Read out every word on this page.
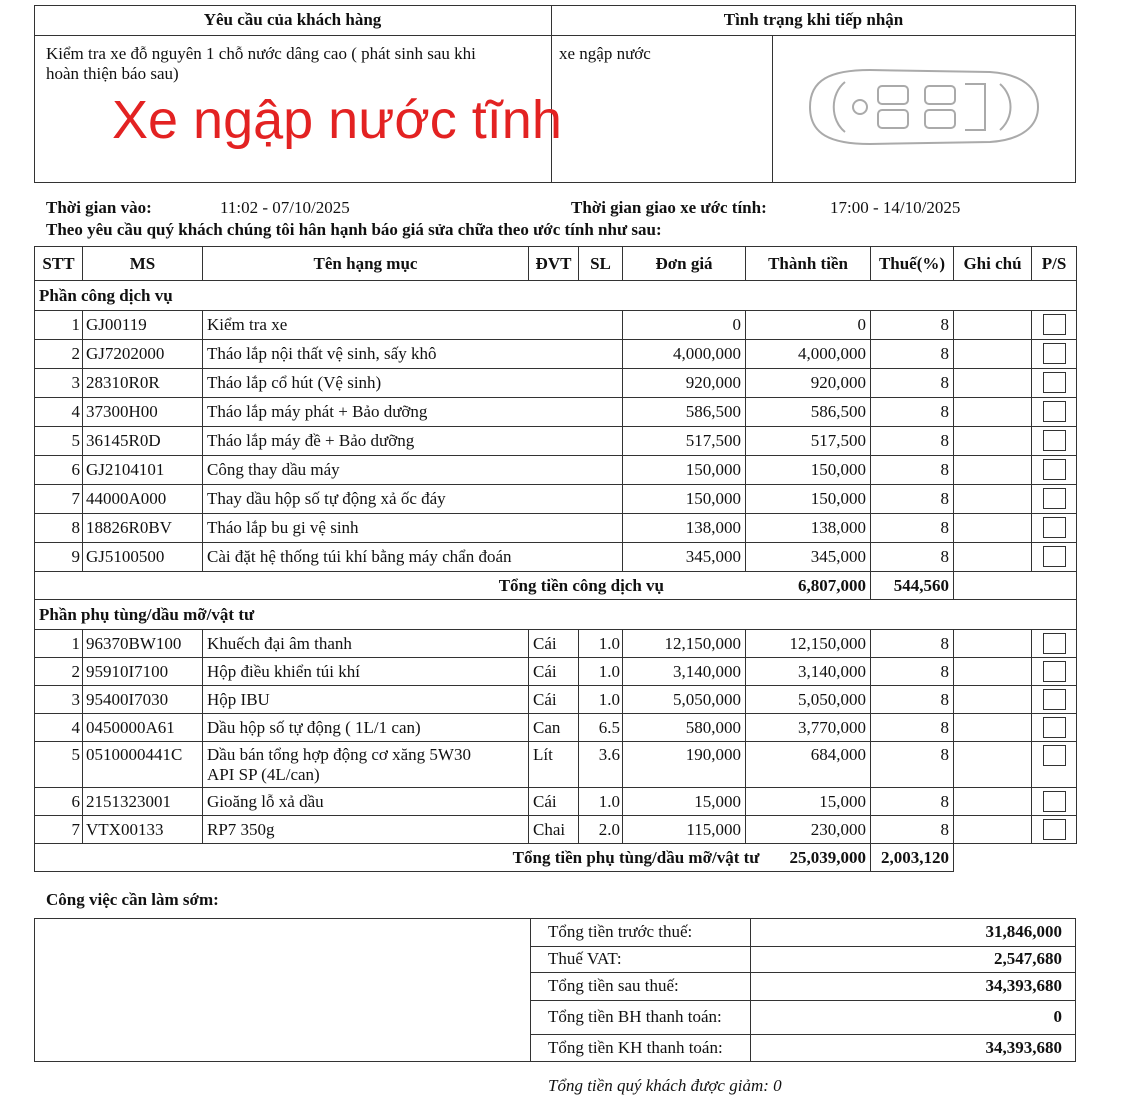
Yêu cầu của khách hàng	Tình trạng khi tiếp nhận
Kiểm tra xe đỗ nguyên 1 chỗ nước dâng cao ( phát sinh sau khi
hoàn thiện báo sau)
Xe ngập nước tĩnh
xe ngập nước
Thời gian vào:	11:02 - 07/10/2025	Thời gian giao xe ước tính:	17:00 - 14/10/2025
Theo yêu cầu quý khách chúng tôi hân hạnh báo giá sửa chữa theo ước tính như sau:
STT	MS	Tên hạng mục	ĐVT	SL	Đơn giá	Thành tiền	Thuế(%)	Ghi chú	P/S
Phần công dịch vụ									
1	GJ00119	Kiểm tra xe			0	0	8		

2	GJ7202000	Tháo lắp nội thất vệ sinh, sấy khô			4,000,000	4,000,000	8		

3	28310R0R	Tháo lắp cổ hút (Vệ sinh)			920,000	920,000	8		

4	37300H00	Tháo lắp máy phát + Bảo dưỡng			586,500	586,500	8		

5	36145R0D	Tháo lắp máy đề + Bảo dưỡng			517,500	517,500	8		

6	GJ2104101	Công thay dầu máy			150,000	150,000	8		

7	44000A000	Thay dầu hộp số tự động xả ốc đáy			150,000	150,000	8		

8	18826R0BV	Tháo lắp bu gi vệ sinh			138,000	138,000	8		

9	GJ5100500	Cài đặt hệ thống túi khí bằng máy chẩn đoán			345,000	345,000	8		

Tổng tiền công dịch vụ 6,807,000							544,560		
Phần phụ tùng/dầu mỡ/vật tư									
1	96370BW100	Khuếch đại âm thanh	Cái	1.0	12,150,000	12,150,000	8		

2	95910I7100	Hộp điều khiển túi khí	Cái	1.0	3,140,000	3,140,000	8		

3	95400I7030	Hộp IBU	Cái	1.0	5,050,000	5,050,000	8		

4	0450000A61	Dầu hộp số tự động ( 1L/1 can)	Can	6.5	580,000	3,770,000	8		

5	0510000441C	Dầu bán tổng hợp động cơ xăng 5W30
API SP (4L/can)	Lít	3.6	190,000	684,000	8		

6	2151323001	Gioăng lỗ xả dầu	Cái	1.0	15,000	15,000	8		

7	VTX00133	RP7 350g	Chai	2.0	115,000	230,000	8		

Tổng tiền phụ tùng/dầu mỡ/vật tư 25,039,000							2,003,120		
Công việc cần làm sớm:
Tổng tiền trước thuế:	31,846,000
Thuế VAT:	2,547,680
Tổng tiền sau thuế:	34,393,680
Tổng tiền BH thanh toán:	0
Tổng tiền KH thanh toán:	34,393,680
Tổng tiền quý khách được giảm: 0
